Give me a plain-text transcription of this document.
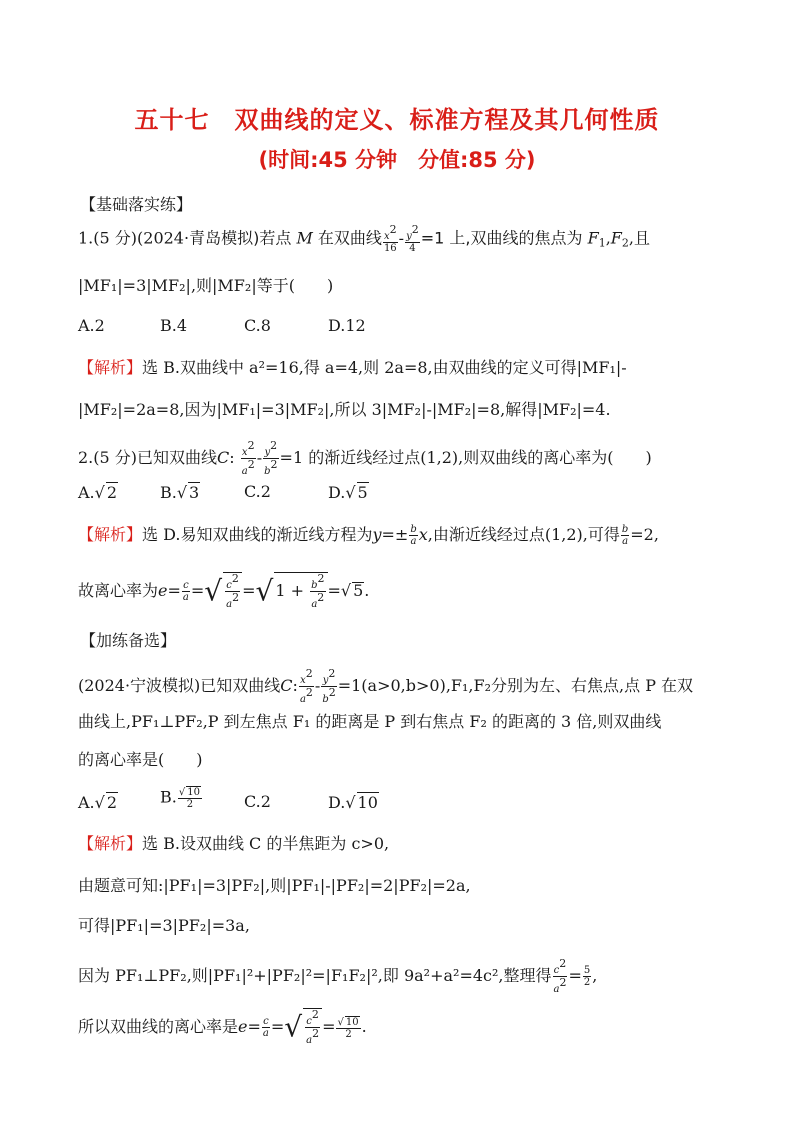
五十七　双曲线的定义、标准方程及其几何性质
(时间:45 分钟　分值:85 分)
【基础落实练】
1.(5 分)(2024·青岛模拟)若点 M 在双曲线 $\frac{x^2}{16} - \frac{y^2}{4} =1$ 上,双曲线的焦点为 $F_1,F_2$,且
|MF₁|=3|MF₂|,则|MF₂|等于(　　)
A.2	B.4	C.8	D.12
【解析】选 B.双曲线中 a²=16,得 a=4,则 2a=8,由双曲线的定义可得|MF₁|-
|MF₂|=2a=8,因为|MF₁|=3|MF₂|,所以 3|MF₂|-|MF₂|=8,解得|MF₂|=4.
2.(5 分)已知双曲线C: $\frac{x^2}{a^2} - \frac{y^2}{b^2} =1$ 的渐近线经过点(1,2),则双曲线的离心率为(　　)
A.√ 2	B.√ 3	C.2	D.√ 5
【解析】选 D.易知双曲线的渐近线方程为$y=\pm \frac{b}{a} x$,由渐近线经过点(1,2),可得 $\frac{b}{a} =2$,
故离心率为$e= \frac{c}{a}$ =√ $\frac{c^2}{a^2}$ =√ $1 + \frac{b^2}{a^2}$ =√ 5.
【加练备选】
(2024·宁波模拟)已知双曲线C: $\frac{x^2}{a^2} - \frac{y^2}{b^2} =1(a>0,b>0),F_1,F_2$分别为左、右焦点,点 P 在双
曲线上,PF₁⊥PF₂,P 到左焦点 F₁ 的距离是 P 到右焦点 F₂ 的距离的 3 倍,则双曲线
的离心率是(　　)
A.√ 2	B. $\frac{√ 10}{2}$	C.2	D.√ 10
【解析】选 B.设双曲线 C 的半焦距为 c>0,
由题意可知:|PF₁|=3|PF₂|,则|PF₁|-|PF₂|=2|PF₂|=2a,
可得|PF₁|=3|PF₂|=3a,
因为 PF₁⊥PF₂,则|PF₁|²+|PF₂|²=|F₁F₂|²,即 9a²+a²=4c²,整理得 $\frac{c^2}{a^2} = \frac{5}{2}$ ,
所以双曲线的离心率是$e= \frac{c}{a}$ =√ $\frac{c^2}{a^2} = \frac{√ 10}{2}$ .
